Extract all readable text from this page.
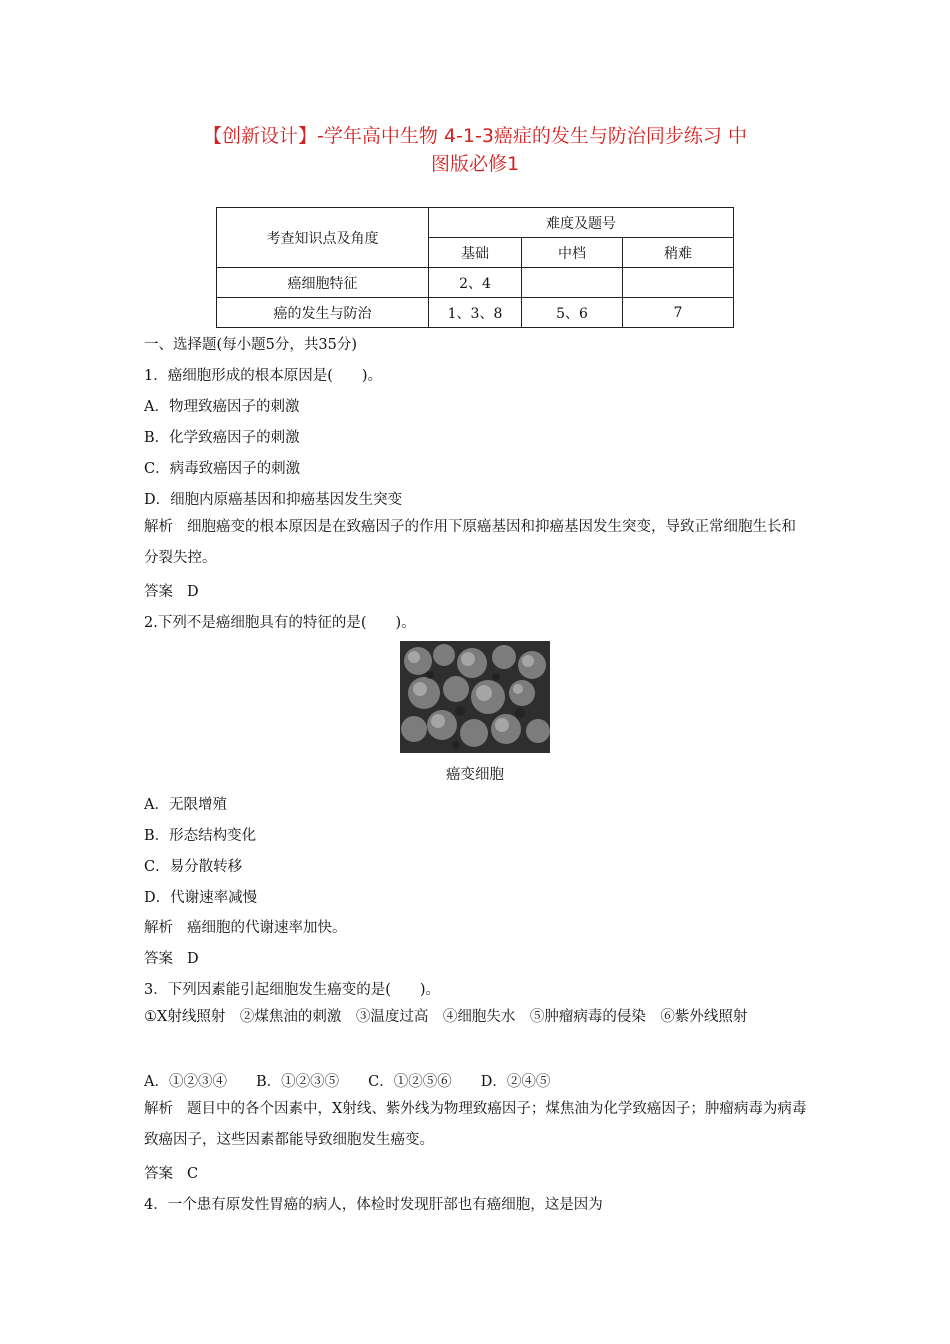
【创新设计】-学年高中生物 4-1-3癌症的发生与防治同步练习 中
图版必修1
考查知识点及角度	难度及题号		
	基础	中档	稍难
癌细胞特征	2、4		
癌的发生与防治	1、3、8	5、6	7
一、选择题(每小题5分，共35分)
1．癌细胞形成的根本原因是(　　)。
A．物理致癌因子的刺激
B．化学致癌因子的刺激
C．病毒致癌因子的刺激
D．细胞内原癌基因和抑癌基因发生突变

解析 细胞癌变的根本原因是在致癌因子的作用下原癌基因和抑癌基因发生突变，导致正常细胞生长和分裂失控。

答案 D
2.下列不是癌细胞具有的特征的是(　　)。
癌变细胞
A．无限增殖
B．形态结构变化
C．易分散转移
D．代谢速率减慢
解析 癌细胞的代谢速率加快。
答案 D
3．下列因素能引起细胞发生癌变的是(　　)。
①X射线照射　②煤焦油的刺激　③温度过高　④细胞失水　⑤肿瘤病毒的侵染　⑥紫外线照射
A．①②③④　　B．①②③⑤　　C．①②⑤⑥　　D．②④⑤

解析 题目中的各个因素中，X射线、紫外线为物理致癌因子；煤焦油为化学致癌因子；肿瘤病毒为病毒致癌因子，这些因素都能导致细胞发生癌变。

答案 C
4．一个患有原发性胃癌的病人，体检时发现肝部也有癌细胞，这是因为
